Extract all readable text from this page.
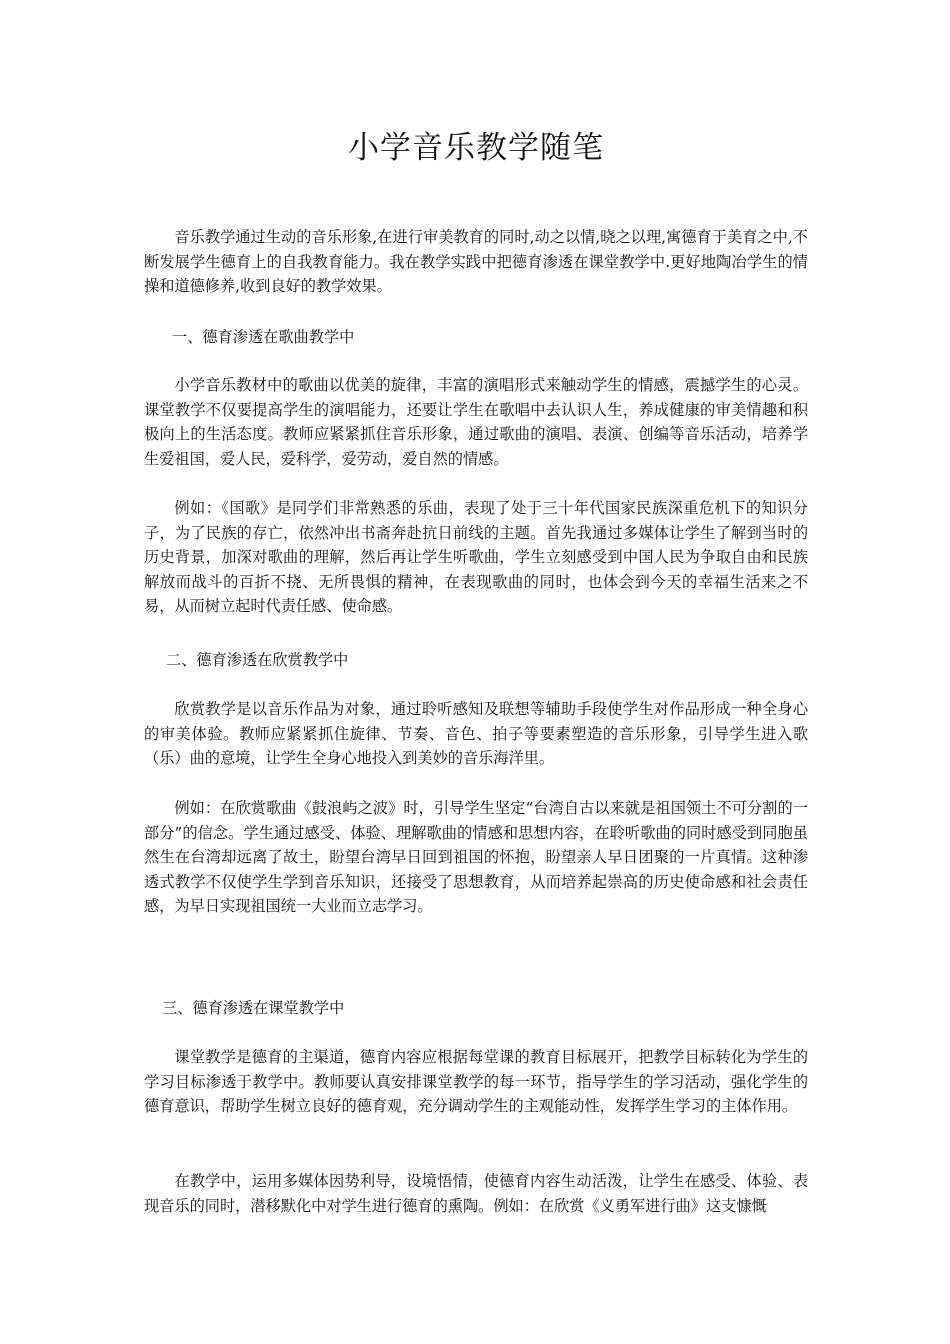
小学音乐教学随笔

音乐教学通过生动的音乐形象,在进行审美教育的同时,动之以情,晓之以理,寓德育于美育之中,不断发展学生德育上的自我教育能力。我在教学实践中把德育渗透在课堂教学中.更好地陶冶学生的情操和道德修养,收到良好的教学效果。

一、德育渗透在歌曲教学中

小学音乐教材中的歌曲以优美的旋律，丰富的演唱形式来触动学生的情感，震撼学生的心灵。课堂教学不仅要提高学生的演唱能力，还要让学生在歌唱中去认识人生，养成健康的审美情趣和积极向上的生活态度。教师应紧紧抓住音乐形象，通过歌曲的演唱、表演、创编等音乐活动，培养学生爱祖国，爱人民，爱科学，爱劳动，爱自然的情感。

例如：《国歌》是同学们非常熟悉的乐曲，表现了处于三十年代国家民族深重危机下的知识分子，为了民族的存亡，依然冲出书斋奔赴抗日前线的主题。首先我通过多媒体让学生了解到当时的历史背景，加深对歌曲的理解，然后再让学生听歌曲，学生立刻感受到中国人民为争取自由和民族解放而战斗的百折不挠、无所畏惧的精神，在表现歌曲的同时，也体会到今天的幸福生活来之不易，从而树立起时代责任感、使命感。

二、德育渗透在欣赏教学中

欣赏教学是以音乐作品为对象，通过聆听感知及联想等辅助手段使学生对作品形成一种全身心的审美体验。教师应紧紧抓住旋律、节奏、音色、拍子等要素塑造的音乐形象，引导学生进入歌（乐）曲的意境，让学生全身心地投入到美妙的音乐海洋里。

例如：在欣赏歌曲《鼓浪屿之波》时，引导学生坚定“台湾自古以来就是祖国领土不可分割的一部分”的信念。学生通过感受、体验、理解歌曲的情感和思想内容，在聆听歌曲的同时感受到同胞虽然生在台湾却远离了故土，盼望台湾早日回到祖国的怀抱，盼望亲人早日团聚的一片真情。这种渗透式教学不仅使学生学到音乐知识，还接受了思想教育，从而培养起崇高的历史使命感和社会责任感，为早日实现祖国统一大业而立志学习。

三、德育渗透在课堂教学中

课堂教学是德育的主渠道，德育内容应根据每堂课的教育目标展开，把教学目标转化为学生的学习目标渗透于教学中。教师要认真安排课堂教学的每一环节，指导学生的学习活动，强化学生的德育意识，帮助学生树立良好的德育观，充分调动学生的主观能动性，发挥学生学习的主体作用。

在教学中，运用多媒体因势利导，设境悟情，使德育内容生动活泼，让学生在感受、体验、表现音乐的同时，潜移默化中对学生进行德育的熏陶。例如：在欣赏《义勇军进行曲》这支慷慨
